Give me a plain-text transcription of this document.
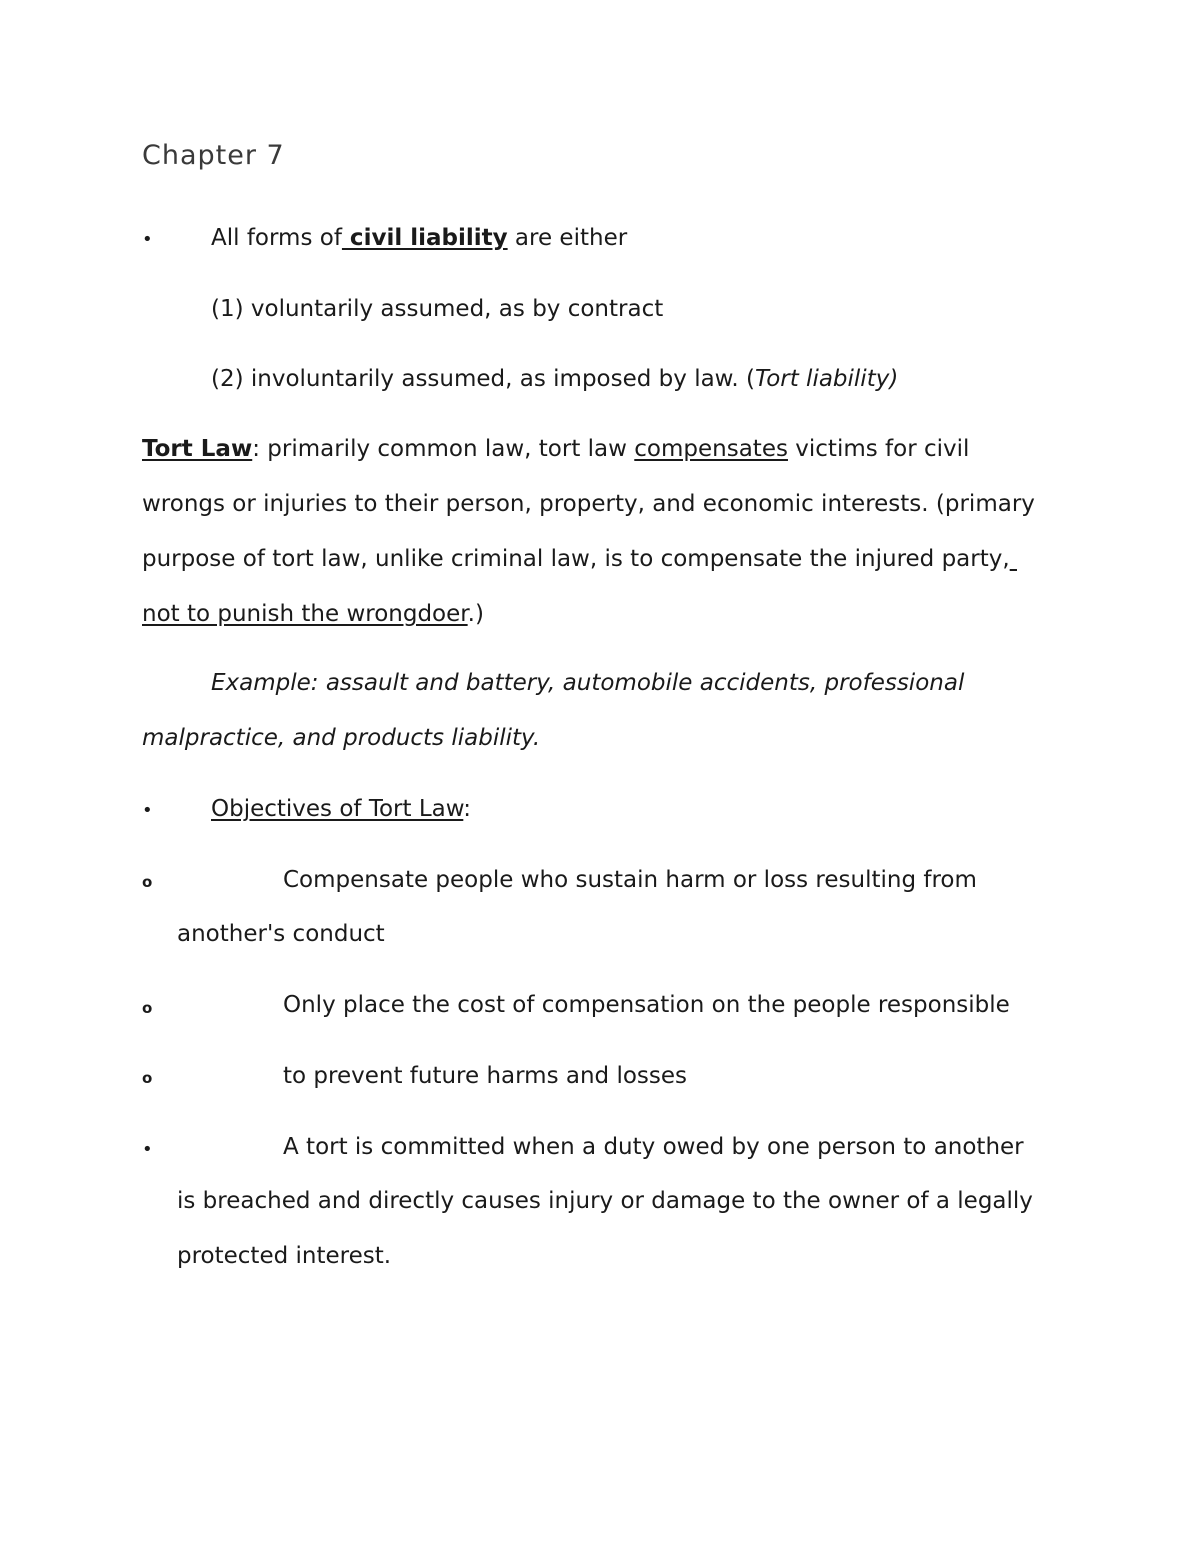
Chapter 7
•	All forms of civil liability are either
(1) voluntarily assumed, as by contract
(2) involuntarily assumed, as imposed by law. (Tort liability)
Tort Law: primarily common law, tort law compensates victims for civil
wrongs or injuries to their person, property, and economic interests. (primary
purpose of tort law, unlike criminal law, is to compensate the injured party,
not to punish the wrongdoer.)
Example: assault and battery, automobile accidents, professional
malpractice, and products liability.
•	Objectives of Tort Law:
o	Compensate people who sustain harm or loss resulting from
another's conduct
o	Only place the cost of compensation on the people responsible
o	to prevent future harms and losses
•	A tort is committed when a duty owed by one person to another
is breached and directly causes injury or damage to the owner of a legally
protected interest.
